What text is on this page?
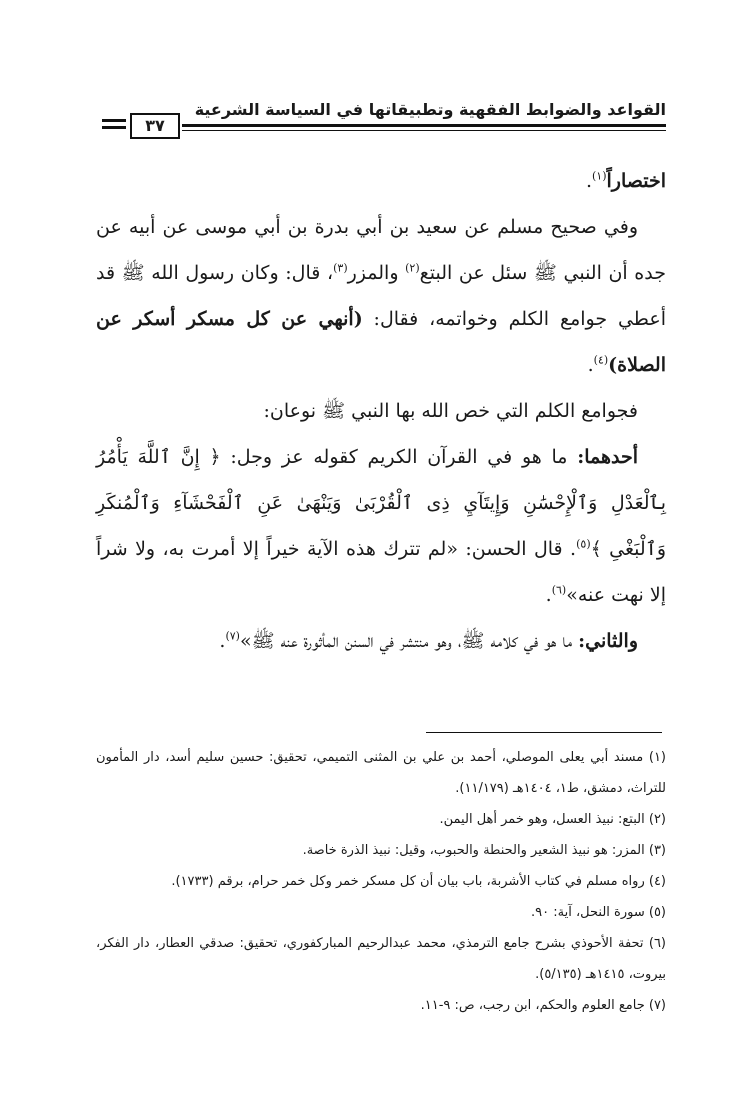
القواعد والضوابط الفقهية وتطبيقاتها في السياسة الشرعية
٣٧

اختصاراً$^{(١)}$.

وفي صحيح مسلم عن سعيد بن أبي بدرة بن أبي موسى عن أبيه عن جده أن النبي ﷺ سئل عن البتع$^{(٢)}$ والمزر$^{(٣)}$، قال: وكان رسول الله ﷺ قد أعطي جوامع الكلم وخواتمه، فقال: (أنهي عن كل مسكر أسكر عن الصلاة)$^{(٤)}$.

فجوامع الكلم التي خص الله بها النبي ﷺ نوعان:

أحدهما: ما هو في القرآن الكريم كقوله عز وجل: ﴿ إِنَّ ٱللَّهَ يَأْمُرُ بِٱلْعَدْلِ وَٱلْإِحْسَٰنِ وَإِيتَآيِ ذِى ٱلْقُرْبَىٰ وَيَنْهَىٰ عَنِ ٱلْفَحْشَآءِ وَٱلْمُنكَرِ وَٱلْبَغْىِ ﴾$^{(٥)}$. قال الحسن: «لم تترك هذه الآية خيراً إلا أمرت به، ولا شراً إلا نهت عنه»$^{(٦)}$.

والثاني: ما هو في كلامه ﷺ، وهو منتشر في السنن المأثورة عنه ﷺ»$^{(٧)}$.

(١) مسند أبي يعلى الموصلي، أحمد بن علي بن المثنى التميمي، تحقيق: حسين سليم أسد، دار المأمون للتراث، دمشق، ط١، ١٤٠٤هـ (١١/١٧٩).

(٢) البتع: نبيذ العسل، وهو خمر أهل اليمن.

(٣) المزر: هو نبيذ الشعير والحنطة والحبوب، وقيل: نبيذ الذرة خاصة.

(٤) رواه مسلم في كتاب الأشربة، باب بيان أن كل مسكر خمر وكل خمر حرام، برقم (١٧٣٣).

(٥) سورة النحل، آية: ٩٠.

(٦) تحفة الأحوذي بشرح جامع الترمذي، محمد عبدالرحيم المباركفوري، تحقيق: صدقي العطار، دار الفكر، بيروت، ١٤١٥هـ (٥/١٣٥).

(٧) جامع العلوم والحكم، ابن رجب، ص: ٩-١١.
